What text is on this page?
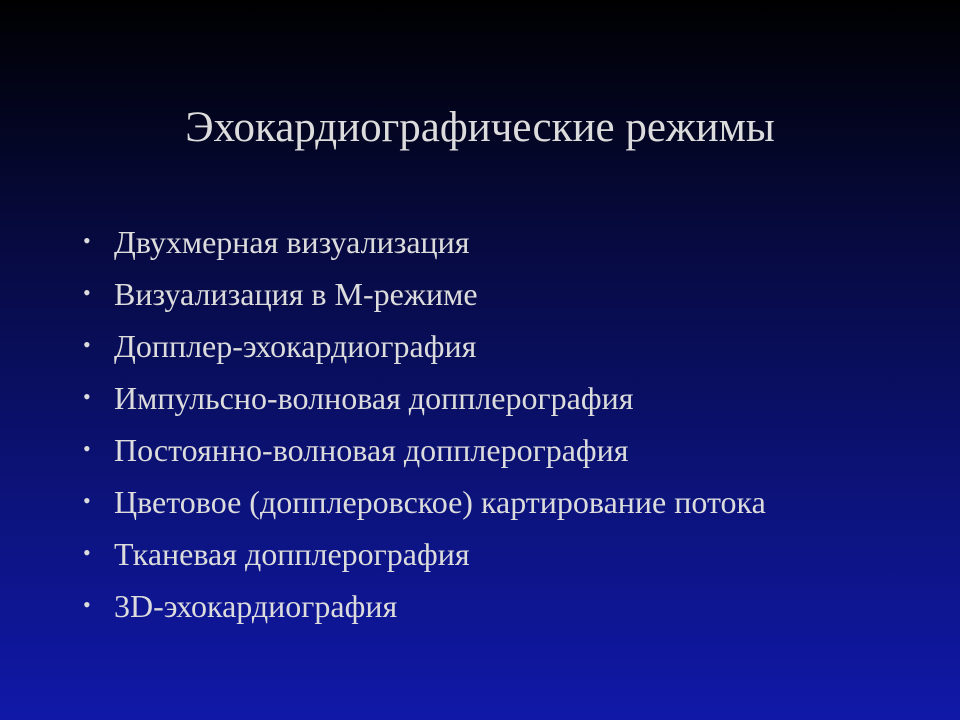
Эхокардиографические режимы
• Двухмерная визуализация
• Визуализация в М-режиме
• Допплер-эхокардиография
• Импульсно-волновая допплерография
• Постоянно-волновая допплерография
• Цветовое (допплеровское) картирование потока
• Тканевая допплерография
• 3D-эхокардиография
